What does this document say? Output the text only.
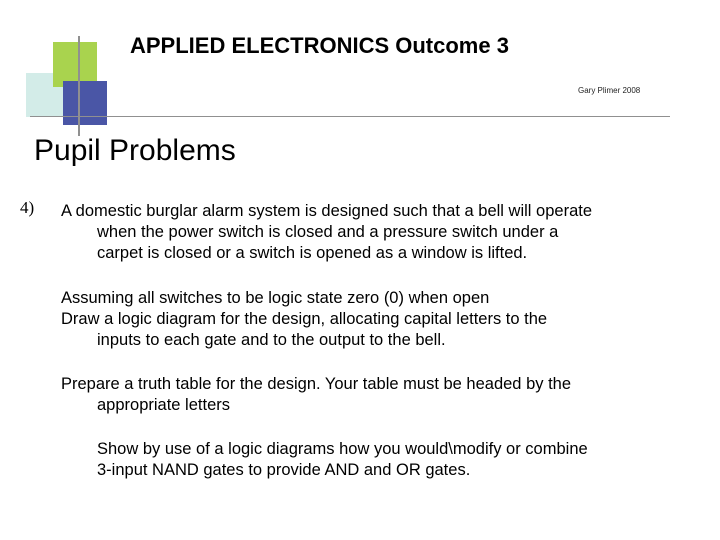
APPLIED ELECTRONICS Outcome 3
Gary Plimer 2008
Pupil Problems
4) A domestic burglar alarm system is designed such that a bell will operate
when the power switch is closed and a pressure switch under a
carpet is closed or a switch is opened as a window is lifted.
Assuming all switches to be logic state zero (0) when open
Draw a logic diagram for the design, allocating capital letters to the
inputs to each gate and to the output to the bell.
Prepare a truth table for the design. Your table must be headed by the
appropriate letters
Show by use of a logic diagrams how you would\modify or combine
3-input NAND gates to provide AND and OR gates.
